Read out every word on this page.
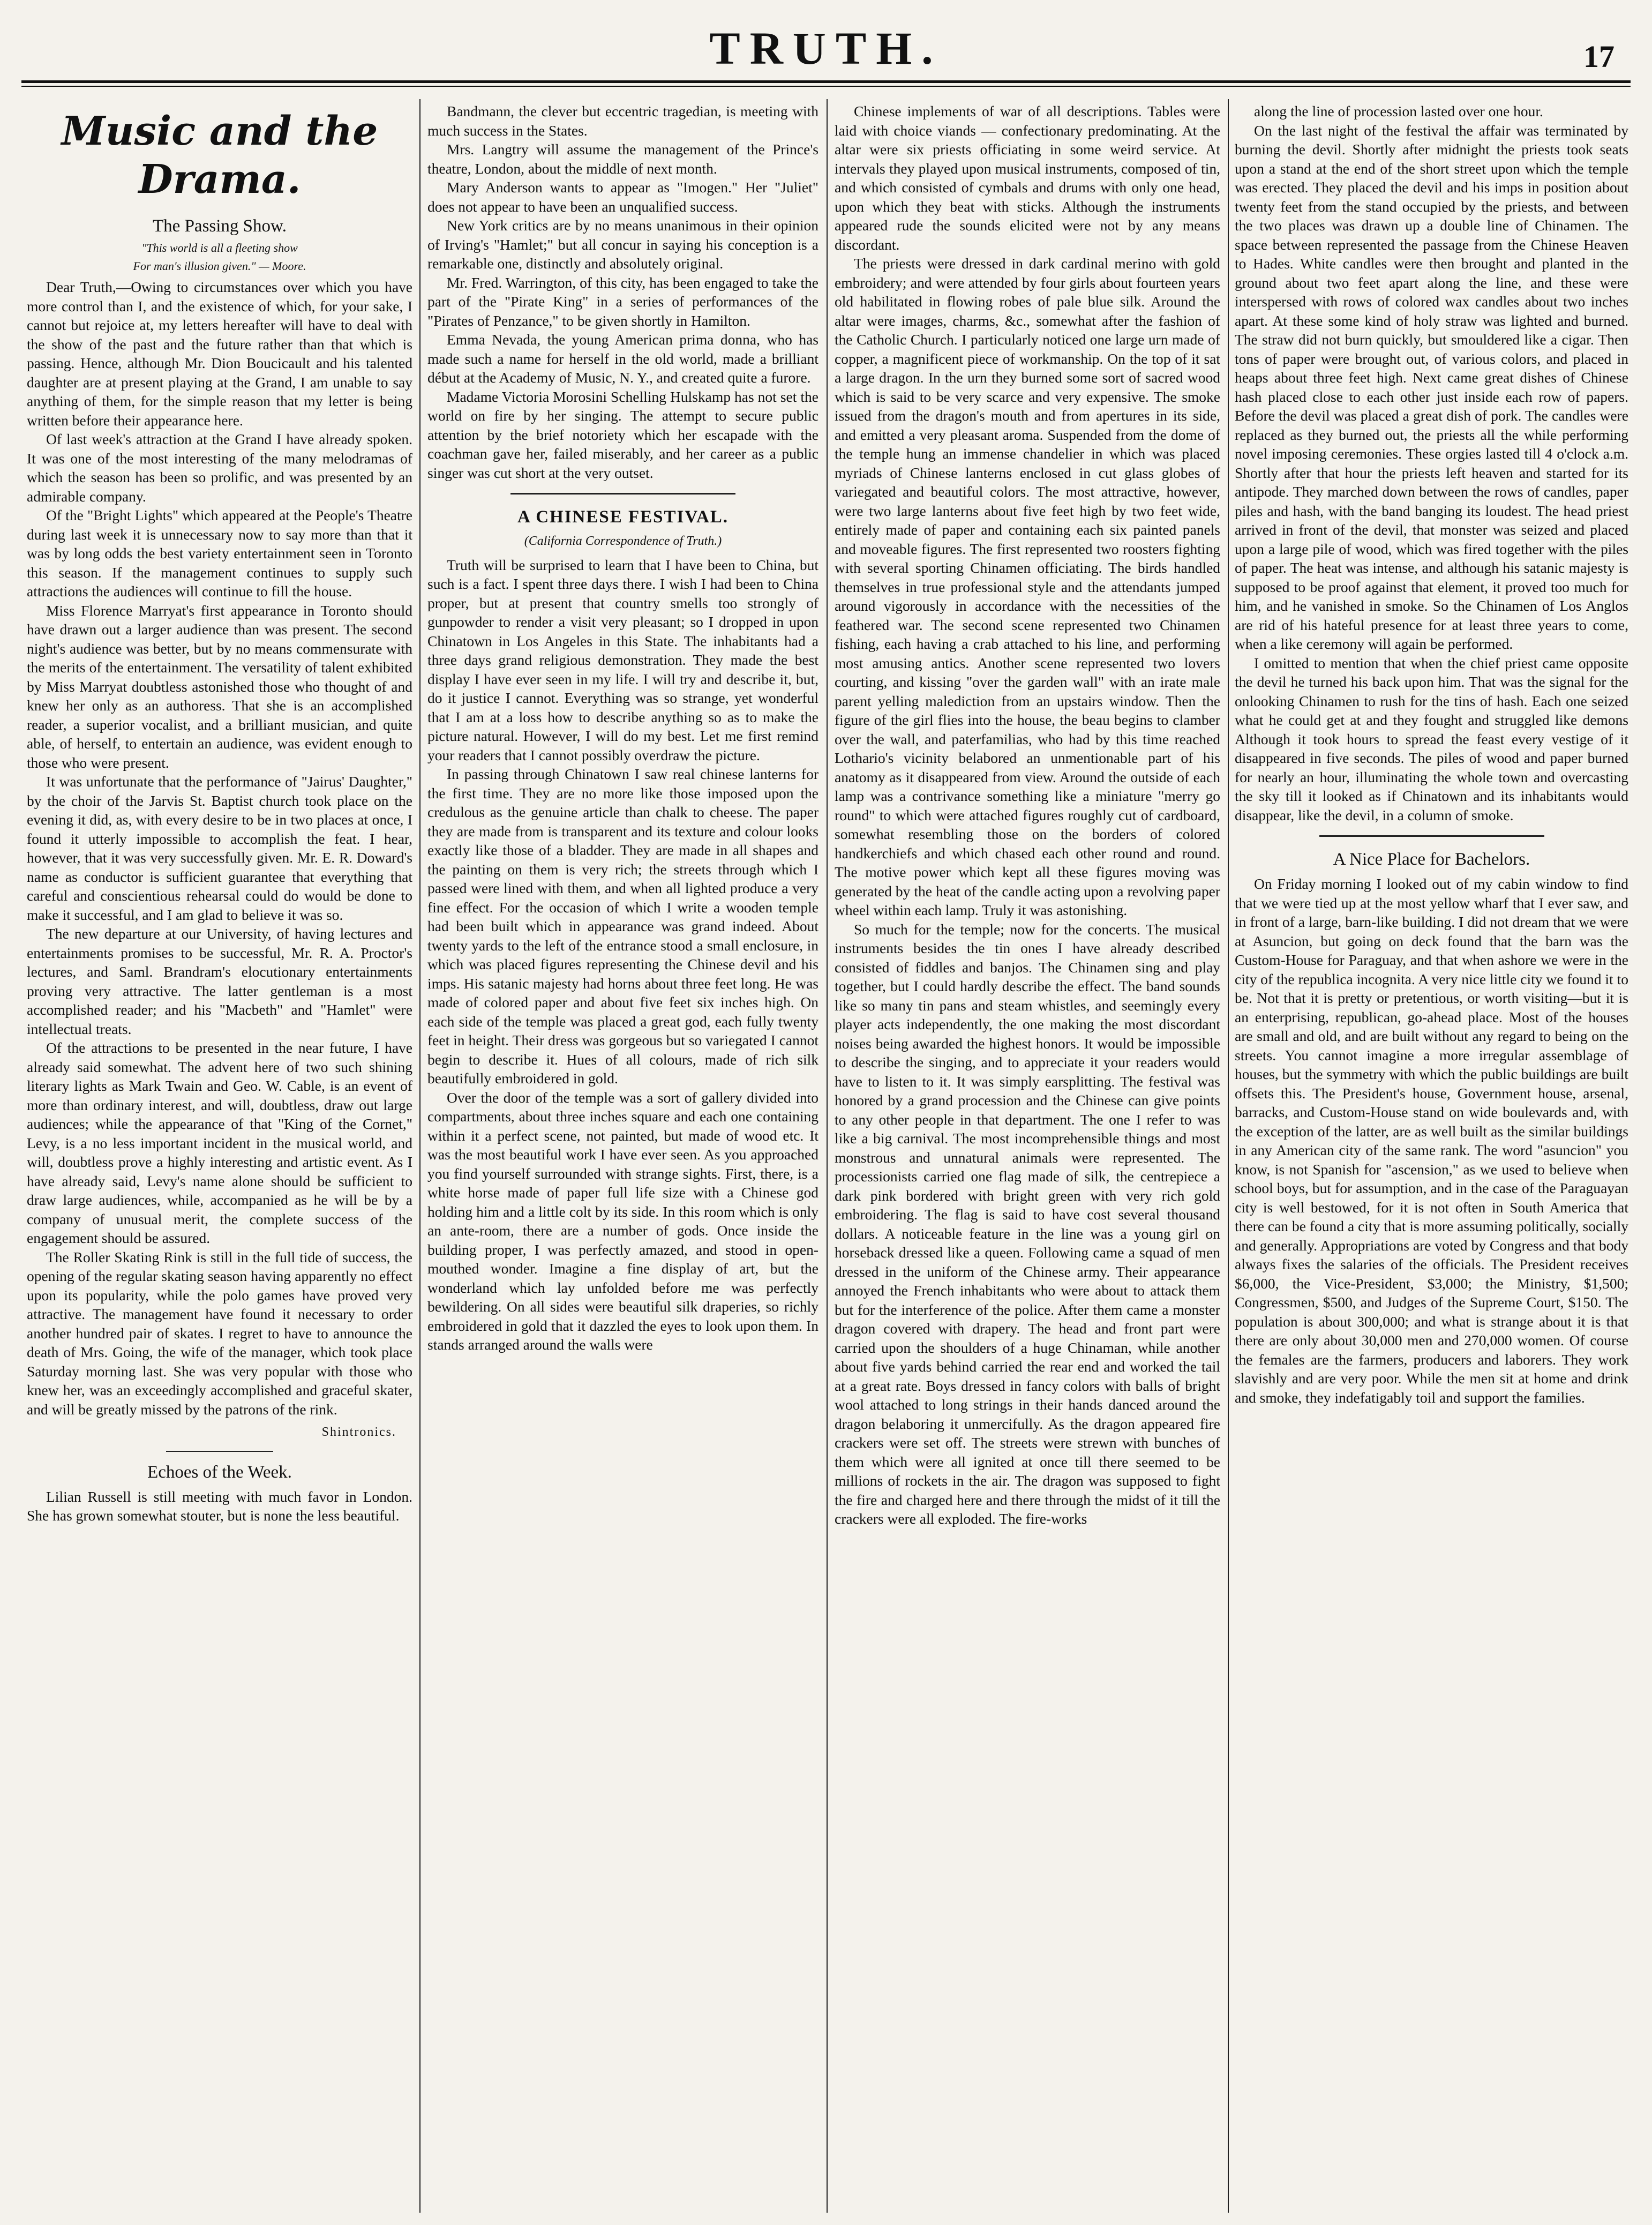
TRUTH.	17
Music and the Drama.
The Passing Show.
"This world is all a fleeting show
For man's illusion given." — Moore.

Dear Truth,—Owing to circumstances over which you have more control than I, and the existence of which, for your sake, I cannot but rejoice at, my letters hereafter will have to deal with the show of the past and the future rather than that which is passing. Hence, although Mr. Dion Boucicault and his talented daughter are at present playing at the Grand, I am unable to say anything of them, for the simple reason that my letter is being written before their appearance here.

Of last week's attraction at the Grand I have already spoken. It was one of the most interesting of the many melodramas of which the season has been so prolific, and was presented by an admirable company.

Of the "Bright Lights" which appeared at the People's Theatre during last week it is unnecessary now to say more than that it was by long odds the best variety entertainment seen in Toronto this season. If the management continues to supply such attractions the audiences will continue to fill the house.

Miss Florence Marryat's first appearance in Toronto should have drawn out a larger audience than was present. The second night's audience was better, but by no means commensurate with the merits of the entertainment. The versatility of talent exhibited by Miss Marryat doubtless astonished those who thought of and knew her only as an authoress. That she is an accomplished reader, a superior vocalist, and a brilliant musician, and quite able, of herself, to entertain an audience, was evident enough to those who were present.

It was unfortunate that the performance of "Jairus' Daughter," by the choir of the Jarvis St. Baptist church took place on the evening it did, as, with every desire to be in two places at once, I found it utterly impossible to accomplish the feat. I hear, however, that it was very successfully given. Mr. E. R. Doward's name as conductor is sufficient guarantee that everything that careful and conscientious rehearsal could do would be done to make it successful, and I am glad to believe it was so.

The new departure at our University, of having lectures and entertainments promises to be successful, Mr. R. A. Proctor's lectures, and Saml. Brandram's elocutionary entertainments proving very attractive. The latter gentleman is a most accomplished reader; and his "Macbeth" and "Hamlet" were intellectual treats.

Of the attractions to be presented in the near future, I have already said somewhat. The advent here of two such shining literary lights as Mark Twain and Geo. W. Cable, is an event of more than ordinary interest, and will, doubtless, draw out large audiences; while the appearance of that "King of the Cornet," Levy, is a no less important incident in the musical world, and will, doubtless prove a highly interesting and artistic event. As I have already said, Levy's name alone should be sufficient to draw large audiences, while, accompanied as he will be by a company of unusual merit, the complete success of the engagement should be assured.

The Roller Skating Rink is still in the full tide of success, the opening of the regular skating season having apparently no effect upon its popularity, while the polo games have proved very attractive. The management have found it necessary to order another hundred pair of skates. I regret to have to announce the death of Mrs. Going, the wife of the manager, which took place Saturday morning last. She was very popular with those who knew her, was an exceedingly accomplished and graceful skater, and will be greatly missed by the patrons of the rink.

Shintronics.
Echoes of the Week.

Lilian Russell is still meeting with much favor in London. She has grown somewhat stouter, but is none the less beautiful.

Bandmann, the clever but eccentric tragedian, is meeting with much success in the States.

Mrs. Langtry will assume the management of the Prince's theatre, London, about the middle of next month.

Mary Anderson wants to appear as "Imogen." Her "Juliet" does not appear to have been an unqualified success.

New York critics are by no means unanimous in their opinion of Irving's "Hamlet;" but all concur in saying his conception is a remarkable one, distinctly and absolutely original.

Mr. Fred. Warrington, of this city, has been engaged to take the part of the "Pirate King" in a series of performances of the "Pirates of Penzance," to be given shortly in Hamilton.

Emma Nevada, the young American prima donna, who has made such a name for herself in the old world, made a brilliant début at the Academy of Music, N. Y., and created quite a furore.

Madame Victoria Morosini Schelling Hulskamp has not set the world on fire by her singing. The attempt to secure public attention by the brief notoriety which her escapade with the coachman gave her, failed miserably, and her career as a public singer was cut short at the very outset.

A CHINESE FESTIVAL.
(California Correspondence of Truth.)

Truth will be surprised to learn that I have been to China, but such is a fact. I spent three days there. I wish I had been to China proper, but at present that country smells too strongly of gunpowder to render a visit very pleasant; so I dropped in upon Chinatown in Los Angeles in this State. The inhabitants had a three days grand religious demonstration. They made the best display I have ever seen in my life. I will try and describe it, but, do it justice I cannot. Everything was so strange, yet wonderful that I am at a loss how to describe anything so as to make the picture natural. However, I will do my best. Let me first remind your readers that I cannot possibly overdraw the picture.

In passing through Chinatown I saw real chinese lanterns for the first time. They are no more like those imposed upon the credulous as the genuine article than chalk to cheese. The paper they are made from is transparent and its texture and colour looks exactly like those of a bladder. They are made in all shapes and the painting on them is very rich; the streets through which I passed were lined with them, and when all lighted produce a very fine effect. For the occasion of which I write a wooden temple had been built which in appearance was grand indeed. About twenty yards to the left of the entrance stood a small enclosure, in which was placed figures representing the Chinese devil and his imps. His satanic majesty had horns about three feet long. He was made of colored paper and about five feet six inches high. On each side of the temple was placed a great god, each fully twenty feet in height. Their dress was gorgeous but so variegated I cannot begin to describe it. Hues of all colours, made of rich silk beautifully embroidered in gold.

Over the door of the temple was a sort of gallery divided into compartments, about three inches square and each one containing within it a perfect scene, not painted, but made of wood etc. It was the most beautiful work I have ever seen. As you approached you find yourself surrounded with strange sights. First, there, is a white horse made of paper full life size with a Chinese god holding him and a little colt by its side. In this room which is only an ante-room, there are a number of gods. Once inside the building proper, I was perfectly amazed, and stood in open-mouthed wonder. Imagine a fine display of art, but the wonderland which lay unfolded before me was perfectly bewildering. On all sides were beautiful silk draperies, so richly embroidered in gold that it dazzled the eyes to look upon them. In stands arranged around the walls were

Chinese implements of war of all descriptions. Tables were laid with choice viands — confectionary predominating. At the altar were six priests officiating in some weird service. At intervals they played upon musical instruments, composed of tin, and which consisted of cymbals and drums with only one head, upon which they beat with sticks. Although the instruments appeared rude the sounds elicited were not by any means discordant.

The priests were dressed in dark cardinal merino with gold embroidery; and were attended by four girls about fourteen years old habilitated in flowing robes of pale blue silk. Around the altar were images, charms, &c., somewhat after the fashion of the Catholic Church. I particularly noticed one large urn made of copper, a magnificent piece of workmanship. On the top of it sat a large dragon. In the urn they burned some sort of sacred wood which is said to be very scarce and very expensive. The smoke issued from the dragon's mouth and from apertures in its side, and emitted a very pleasant aroma. Suspended from the dome of the temple hung an immense chandelier in which was placed myriads of Chinese lanterns enclosed in cut glass globes of variegated and beautiful colors. The most attractive, however, were two large lanterns about five feet high by two feet wide, entirely made of paper and containing each six painted panels and moveable figures. The first represented two roosters fighting with several sporting Chinamen officiating. The birds handled themselves in true professional style and the attendants jumped around vigorously in accordance with the necessities of the feathered war. The second scene represented two Chinamen fishing, each having a crab attached to his line, and performing most amusing antics. Another scene represented two lovers courting, and kissing "over the garden wall" with an irate male parent yelling malediction from an upstairs window. Then the figure of the girl flies into the house, the beau begins to clamber over the wall, and paterfamilias, who had by this time reached Lothario's vicinity belabored an unmentionable part of his anatomy as it disappeared from view. Around the outside of each lamp was a contrivance something like a miniature "merry go round" to which were attached figures roughly cut of cardboard, somewhat resembling those on the borders of colored handkerchiefs and which chased each other round and round. The motive power which kept all these figures moving was generated by the heat of the candle acting upon a revolving paper wheel within each lamp. Truly it was astonishing.

So much for the temple; now for the concerts. The musical instruments besides the tin ones I have already described consisted of fiddles and banjos. The Chinamen sing and play together, but I could hardly describe the effect. The band sounds like so many tin pans and steam whistles, and seemingly every player acts independently, the one making the most discordant noises being awarded the highest honors. It would be impossible to describe the singing, and to appreciate it your readers would have to listen to it. It was simply earsplitting. The festival was honored by a grand procession and the Chinese can give points to any other people in that department. The one I refer to was like a big carnival. The most incomprehensible things and most monstrous and unnatural animals were represented. The processionists carried one flag made of silk, the centrepiece a dark pink bordered with bright green with very rich gold embroidering. The flag is said to have cost several thousand dollars. A noticeable feature in the line was a young girl on horseback dressed like a queen. Following came a squad of men dressed in the uniform of the Chinese army. Their appearance annoyed the French inhabitants who were about to attack them but for the interference of the police. After them came a monster dragon covered with drapery. The head and front part were carried upon the shoulders of a huge Chinaman, while another about five yards behind carried the rear end and worked the tail at a great rate. Boys dressed in fancy colors with balls of bright wool attached to long strings in their hands danced around the dragon belaboring it unmercifully. As the dragon appeared fire crackers were set off. The streets were strewn with bunches of them which were all ignited at once till there seemed to be millions of rockets in the air. The dragon was supposed to fight the fire and charged here and there through the midst of it till the crackers were all exploded. The fire-works

along the line of procession lasted over one hour.

On the last night of the festival the affair was terminated by burning the devil. Shortly after midnight the priests took seats upon a stand at the end of the short street upon which the temple was erected. They placed the devil and his imps in position about twenty feet from the stand occupied by the priests, and between the two places was drawn up a double line of Chinamen. The space between represented the passage from the Chinese Heaven to Hades. White candles were then brought and planted in the ground about two feet apart along the line, and these were interspersed with rows of colored wax candles about two inches apart. At these some kind of holy straw was lighted and burned. The straw did not burn quickly, but smouldered like a cigar. Then tons of paper were brought out, of various colors, and placed in heaps about three feet high. Next came great dishes of Chinese hash placed close to each other just inside each row of papers. Before the devil was placed a great dish of pork. The candles were replaced as they burned out, the priests all the while performing novel imposing ceremonies. These orgies lasted till 4 o'clock a.m. Shortly after that hour the priests left heaven and started for its antipode. They marched down between the rows of candles, paper piles and hash, with the band banging its loudest. The head priest arrived in front of the devil, that monster was seized and placed upon a large pile of wood, which was fired together with the piles of paper. The heat was intense, and although his satanic majesty is supposed to be proof against that element, it proved too much for him, and he vanished in smoke. So the Chinamen of Los Anglos are rid of his hateful presence for at least three years to come, when a like ceremony will again be performed.

I omitted to mention that when the chief priest came opposite the devil he turned his back upon him. That was the signal for the onlooking Chinamen to rush for the tins of hash. Each one seized what he could get at and they fought and struggled like demons Although it took hours to spread the feast every vestige of it disappeared in five seconds. The piles of wood and paper burned for nearly an hour, illuminating the whole town and overcasting the sky till it looked as if Chinatown and its inhabitants would disappear, like the devil, in a column of smoke.

A Nice Place for Bachelors.

On Friday morning I looked out of my cabin window to find that we were tied up at the most yellow wharf that I ever saw, and in front of a large, barn-like building. I did not dream that we were at Asuncion, but going on deck found that the barn was the Custom-House for Paraguay, and that when ashore we were in the city of the republica incognita. A very nice little city we found it to be. Not that it is pretty or pretentious, or worth visiting—but it is an enterprising, republican, go-ahead place. Most of the houses are small and old, and are built without any regard to being on the streets. You cannot imagine a more irregular assemblage of houses, but the symmetry with which the public buildings are built offsets this. The President's house, Government house, arsenal, barracks, and Custom-House stand on wide boulevards and, with the exception of the latter, are as well built as the similar buildings in any American city of the same rank. The word "asuncion" you know, is not Spanish for "ascension," as we used to believe when school boys, but for assumption, and in the case of the Paraguayan city is well bestowed, for it is not often in South America that there can be found a city that is more assuming politically, socially and generally. Appropriations are voted by Congress and that body always fixes the salaries of the officials. The President receives $6,000, the Vice-President, $3,000; the Ministry, $1,500; Congressmen, $500, and Judges of the Supreme Court, $150. The population is about 300,000; and what is strange about it is that there are only about 30,000 men and 270,000 women. Of course the females are the farmers, producers and laborers. They work slavishly and are very poor. While the men sit at home and drink and smoke, they indefatigably toil and support the families.
